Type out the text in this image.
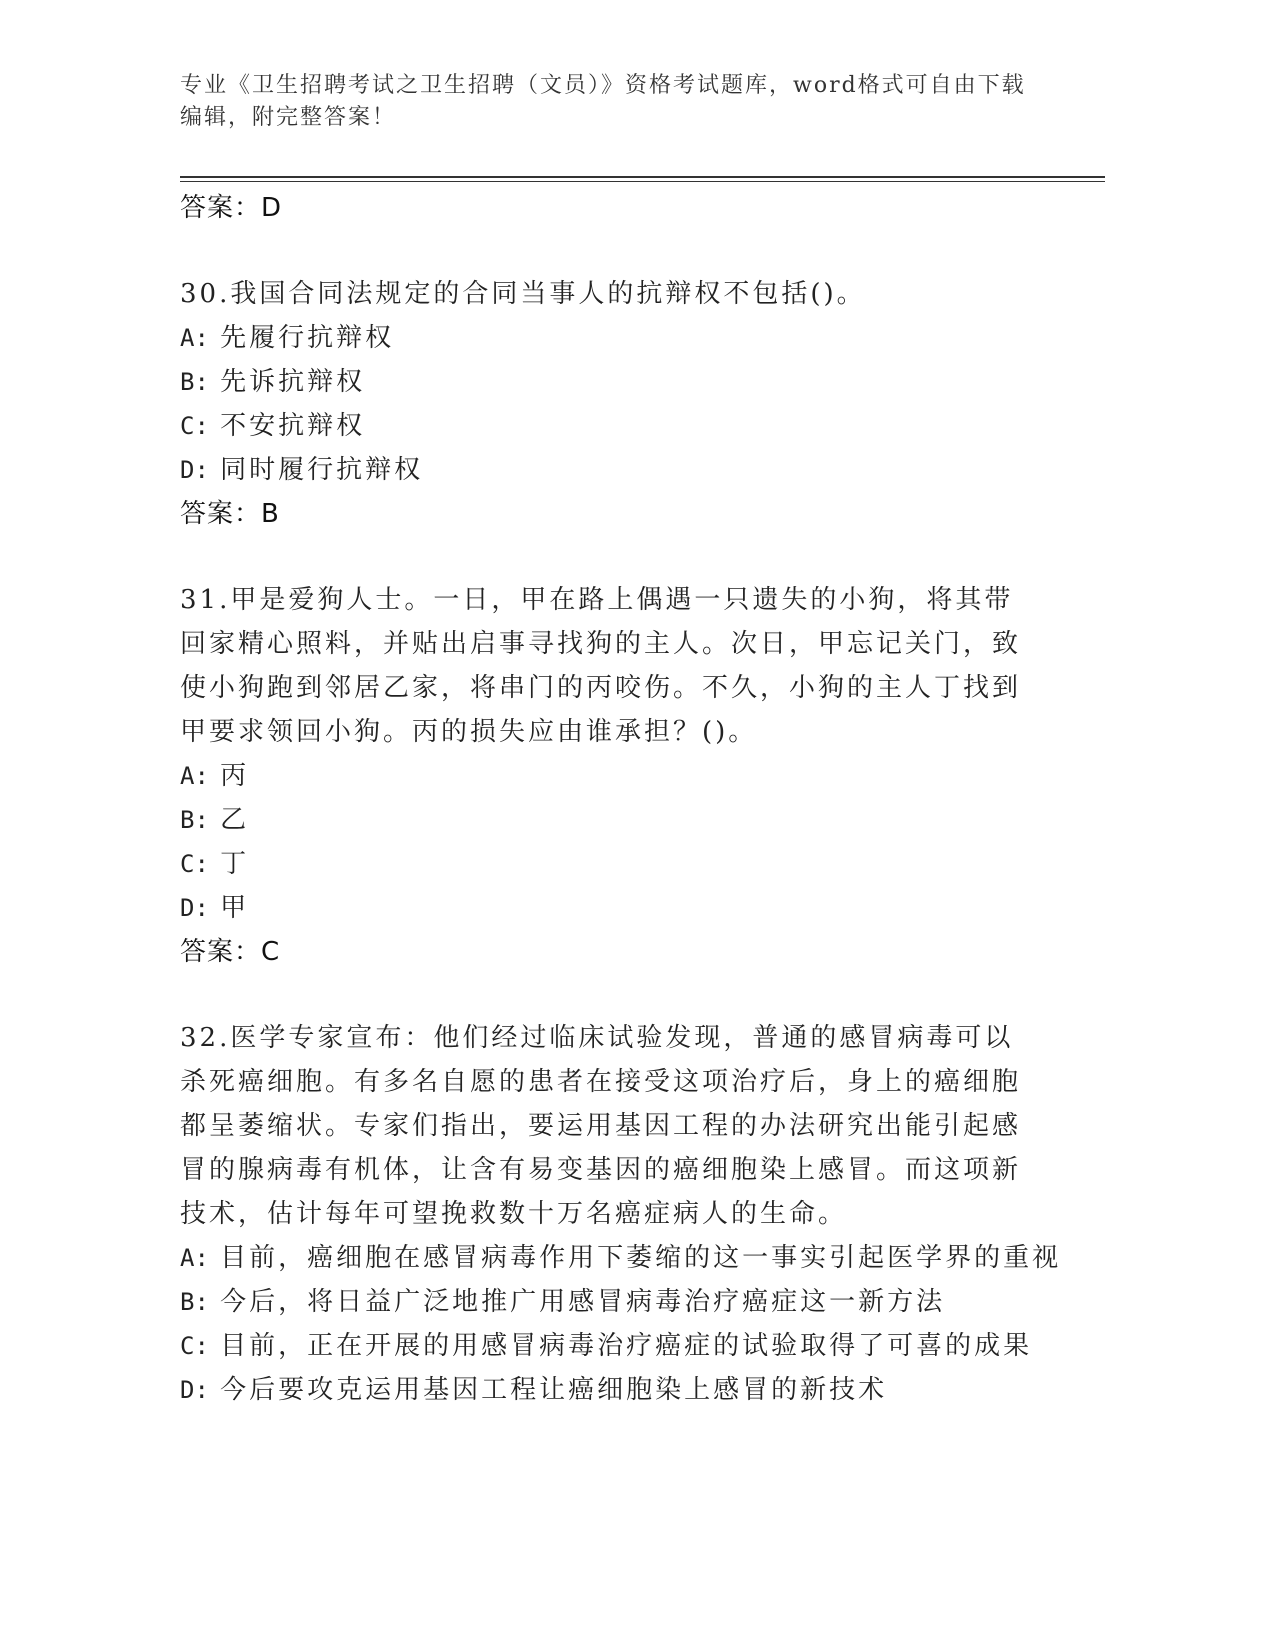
专业《卫生招聘考试之卫生招聘（文员）》资格考试题库，word格式可自由下载
编辑，附完整答案！
答案：D
30.我国合同法规定的合同当事人的抗辩权不包括()。
A: 先履行抗辩权
B: 先诉抗辩权
C: 不安抗辩权
D: 同时履行抗辩权
答案：B
31.甲是爱狗人士。一日，甲在路上偶遇一只遗失的小狗，将其带回家精心照料，并贴出启事寻找狗的主人。次日，甲忘记关门，致使小狗跑到邻居乙家，将串门的丙咬伤。不久，小狗的主人丁找到甲要求领回小狗。丙的损失应由谁承担？()。
A: 丙
B: 乙
C: 丁
D: 甲
答案：C
32.医学专家宣布：他们经过临床试验发现，普通的感冒病毒可以杀死癌细胞。有多名自愿的患者在接受这项治疗后，身上的癌细胞都呈萎缩状。专家们指出，要运用基因工程的办法研究出能引起感冒的腺病毒有机体，让含有易变基因的癌细胞染上感冒。而这项新技术，估计每年可望挽救数十万名癌症病人的生命。
A: 目前，癌细胞在感冒病毒作用下萎缩的这一事实引起医学界的重视
B: 今后，将日益广泛地推广用感冒病毒治疗癌症这一新方法
C: 目前，正在开展的用感冒病毒治疗癌症的试验取得了可喜的成果
D: 今后要攻克运用基因工程让癌细胞染上感冒的新技术
